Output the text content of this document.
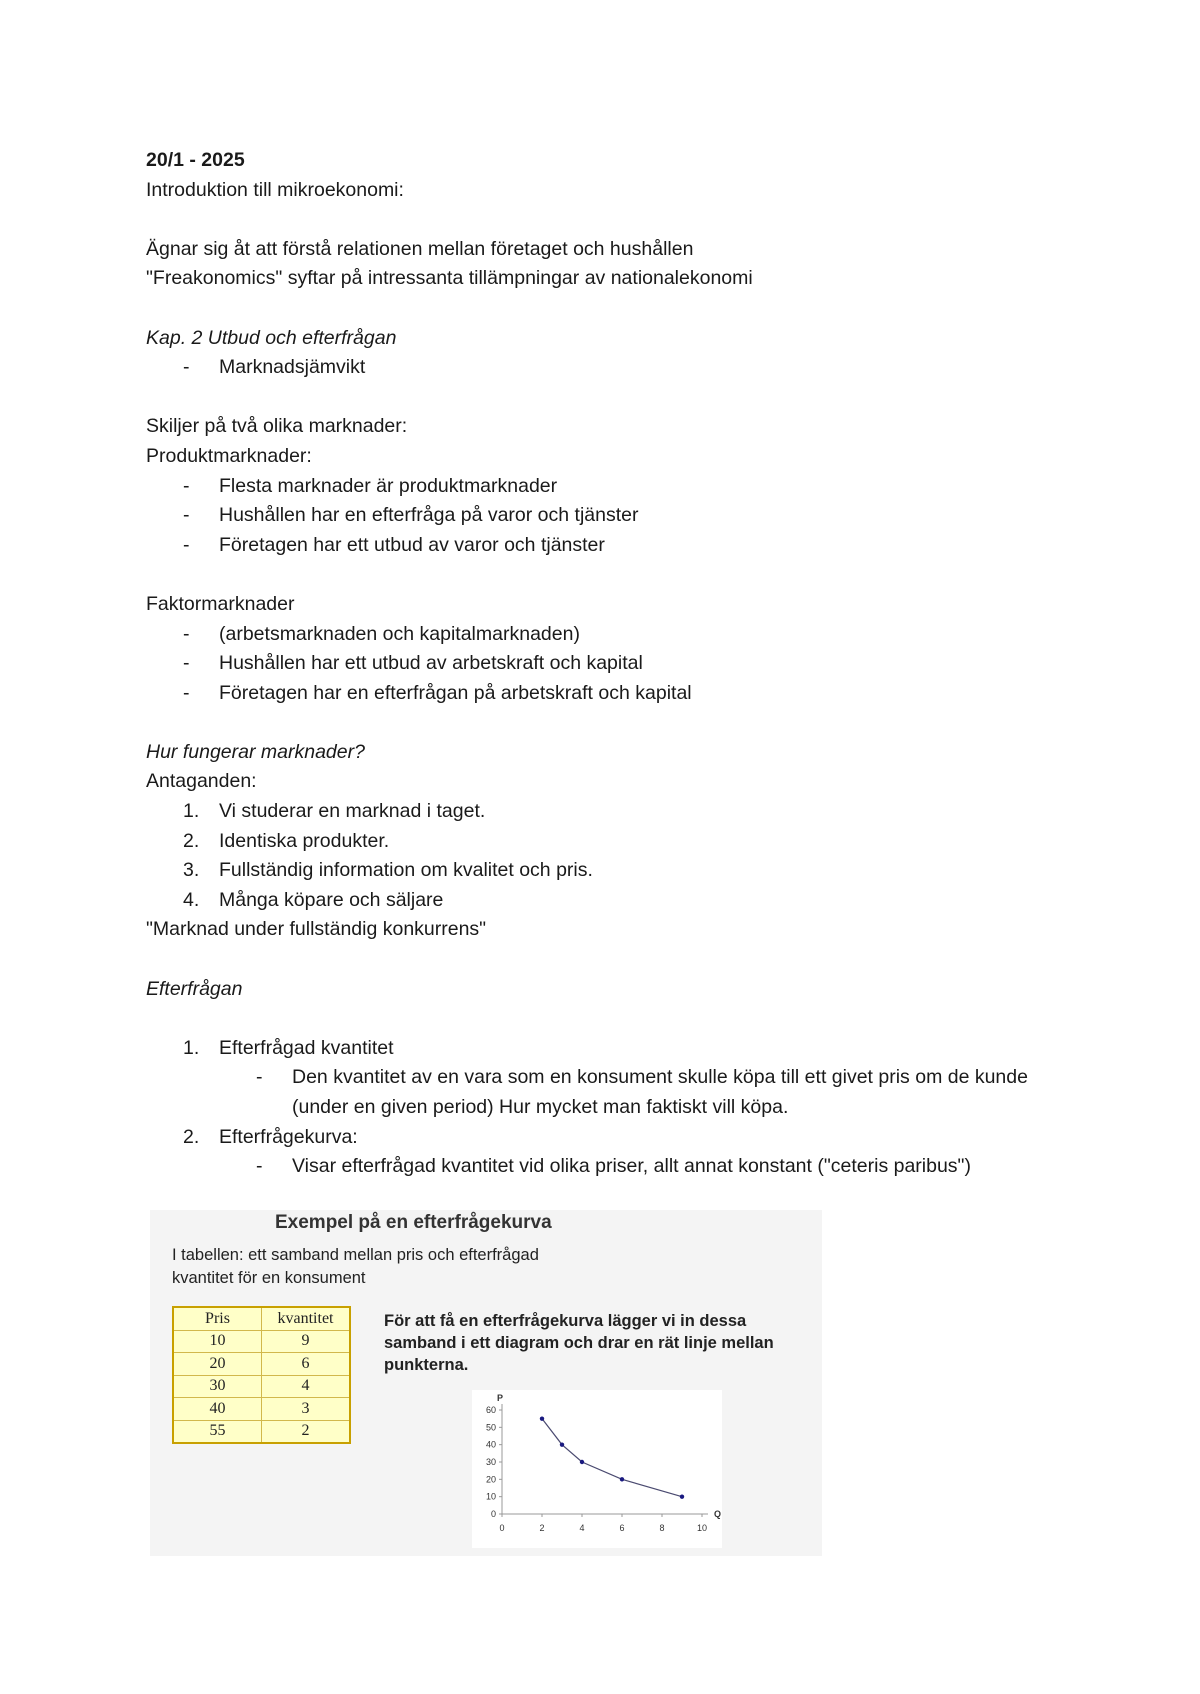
20/1 - 2025
Introduktion till mikroekonomi:
Ägnar sig åt att förstå relationen mellan företaget och hushållen
"Freakonomics" syftar på intressanta tillämpningar av nationalekonomi
Kap. 2 Utbud och efterfrågan
- Marknadsjämvikt
Skiljer på två olika marknader:
Produktmarknader:
- Flesta marknader är produktmarknader
- Hushållen har en efterfråga på varor och tjänster
- Företagen har ett utbud av varor och tjänster
Faktormarknader
- (arbetsmarknaden och kapitalmarknaden)
- Hushållen har ett utbud av arbetskraft och kapital
- Företagen har en efterfrågan på arbetskraft och kapital
Hur fungerar marknader?
Antaganden:
1. Vi studerar en marknad i taget.
2. Identiska produkter.
3. Fullständig information om kvalitet och pris.
4. Många köpare och säljare
"Marknad under fullständig konkurrens"
Efterfrågan
1. Efterfrågad kvantitet
- Den kvantitet av en vara som en konsument skulle köpa till ett givet pris om de kunde (under en given period) Hur mycket man faktiskt vill köpa.
2. Efterfrågekurva:
- Visar efterfrågad kvantitet vid olika priser, allt annat konstant ("ceteris paribus")
Exempel på en efterfrågekurva
I tabellen: ett samband mellan pris och efterfrågad kvantitet för en konsument
Pris	kvantitet
10	9
20	6
30	4
40	3
55	2
För att få en efterfrågekurva lägger vi in dessa samband i ett diagram och drar en rät linje mellan punkterna.
0	2	4	6	8	10
0
10
20
30
40
50
60
P
Q
